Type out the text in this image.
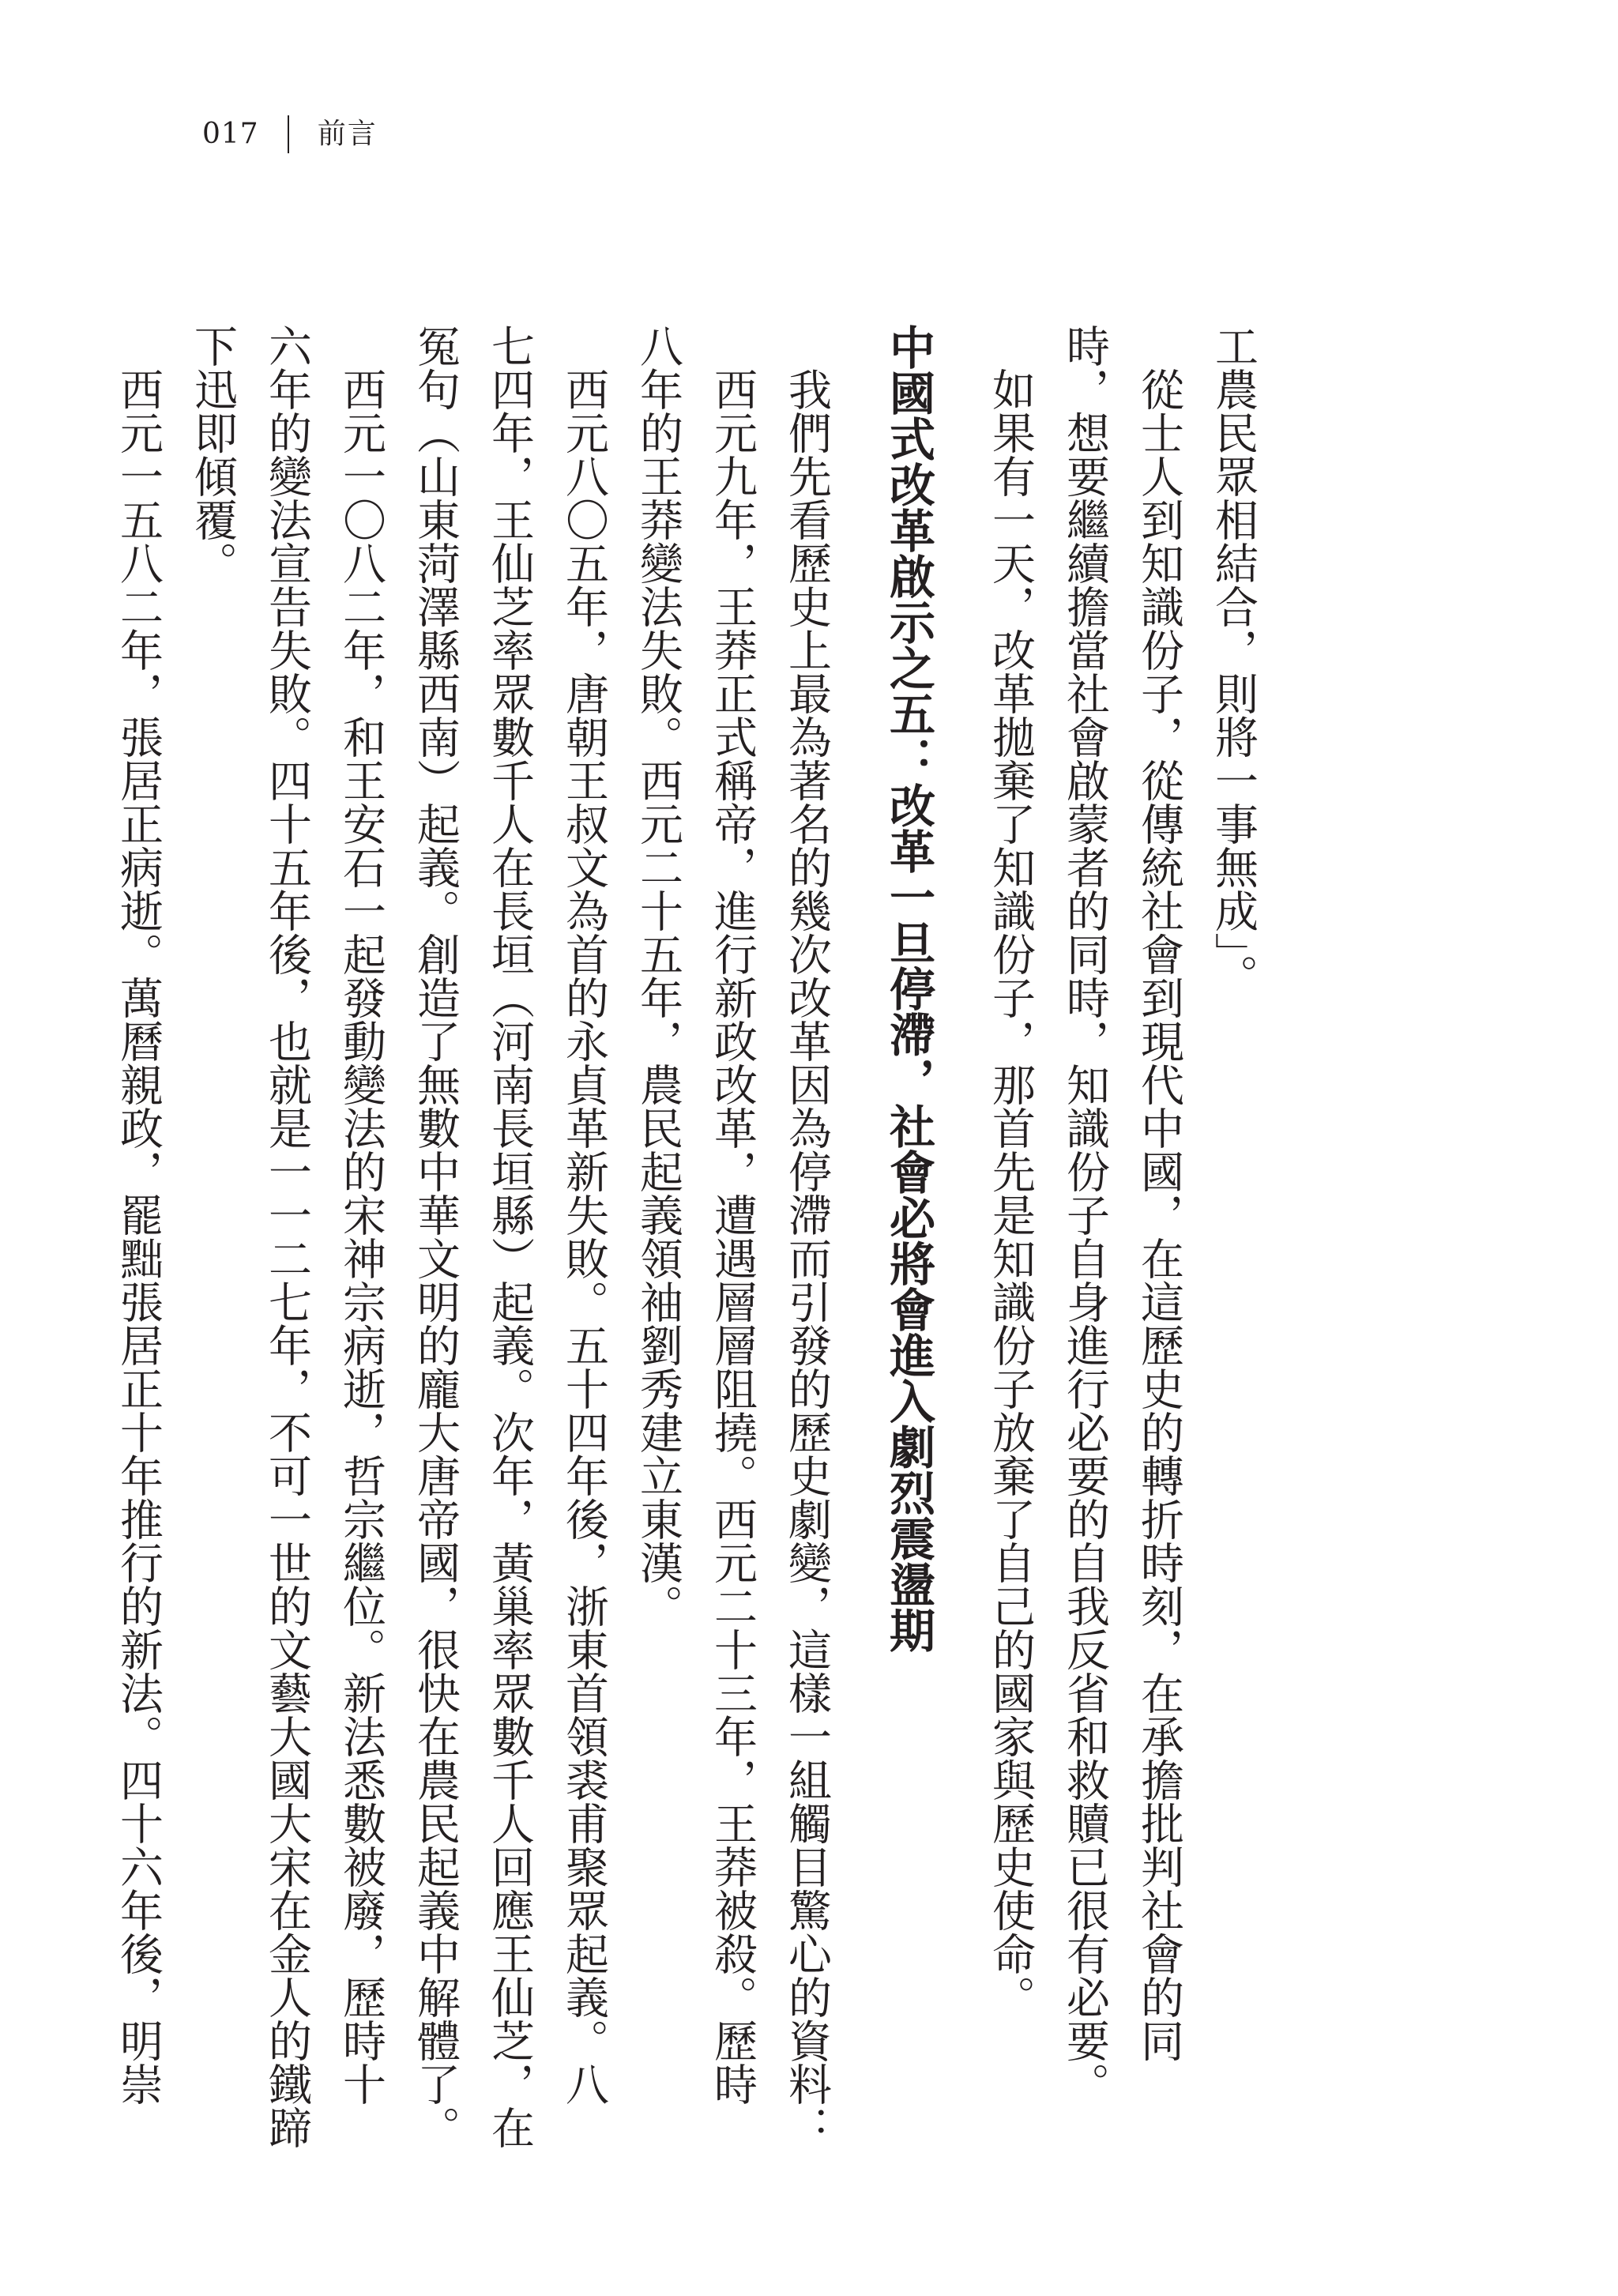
017 前言

工農民眾相結合，則將一事無成」。

從士人到知識份子，從傳統社會到現代中國，在這歷史的轉折時刻，在承擔批判社會的同

時，想要繼續擔當社會啟蒙者的同時，知識份子自身進行必要的自我反省和救贖已很有必要。

如果有一天，改革拋棄了知識份子，那首先是知識份子放棄了自己的國家與歷史使命。

中國式改革啟示之五：改革一旦停滯，社會必將會進入劇烈震盪期

我們先看歷史上最為著名的幾次改革因為停滯而引發的歷史劇變，這樣一組觸目驚心的資料：

西元九年，王莽正式稱帝，進行新政改革，遭遇層層阻撓。西元二十三年，王莽被殺。歷時

八年的王莽變法失敗。西元二十五年，農民起義領袖劉秀建立東漢。

西元八〇五年，唐朝王叔文為首的永貞革新失敗。五十四年後，浙東首領裘甫聚眾起義。八

七四年，王仙芝率眾數千人在長垣（河南長垣縣）起義。次年，黃巢率眾數千人回應王仙芝，在

冤句（山東菏澤縣西南）起義。創造了無數中華文明的龐大唐帝國，很快在農民起義中解體了。

西元一〇八二年，和王安石一起發動變法的宋神宗病逝，哲宗繼位。新法悉數被廢，歷時十

六年的變法宣告失敗。四十五年後，也就是一一二七年，不可一世的文藝大國大宋在金人的鐵蹄

下迅即傾覆。

西元一五八二年，張居正病逝。萬曆親政，罷黜張居正十年推行的新法。四十六年後，明崇
